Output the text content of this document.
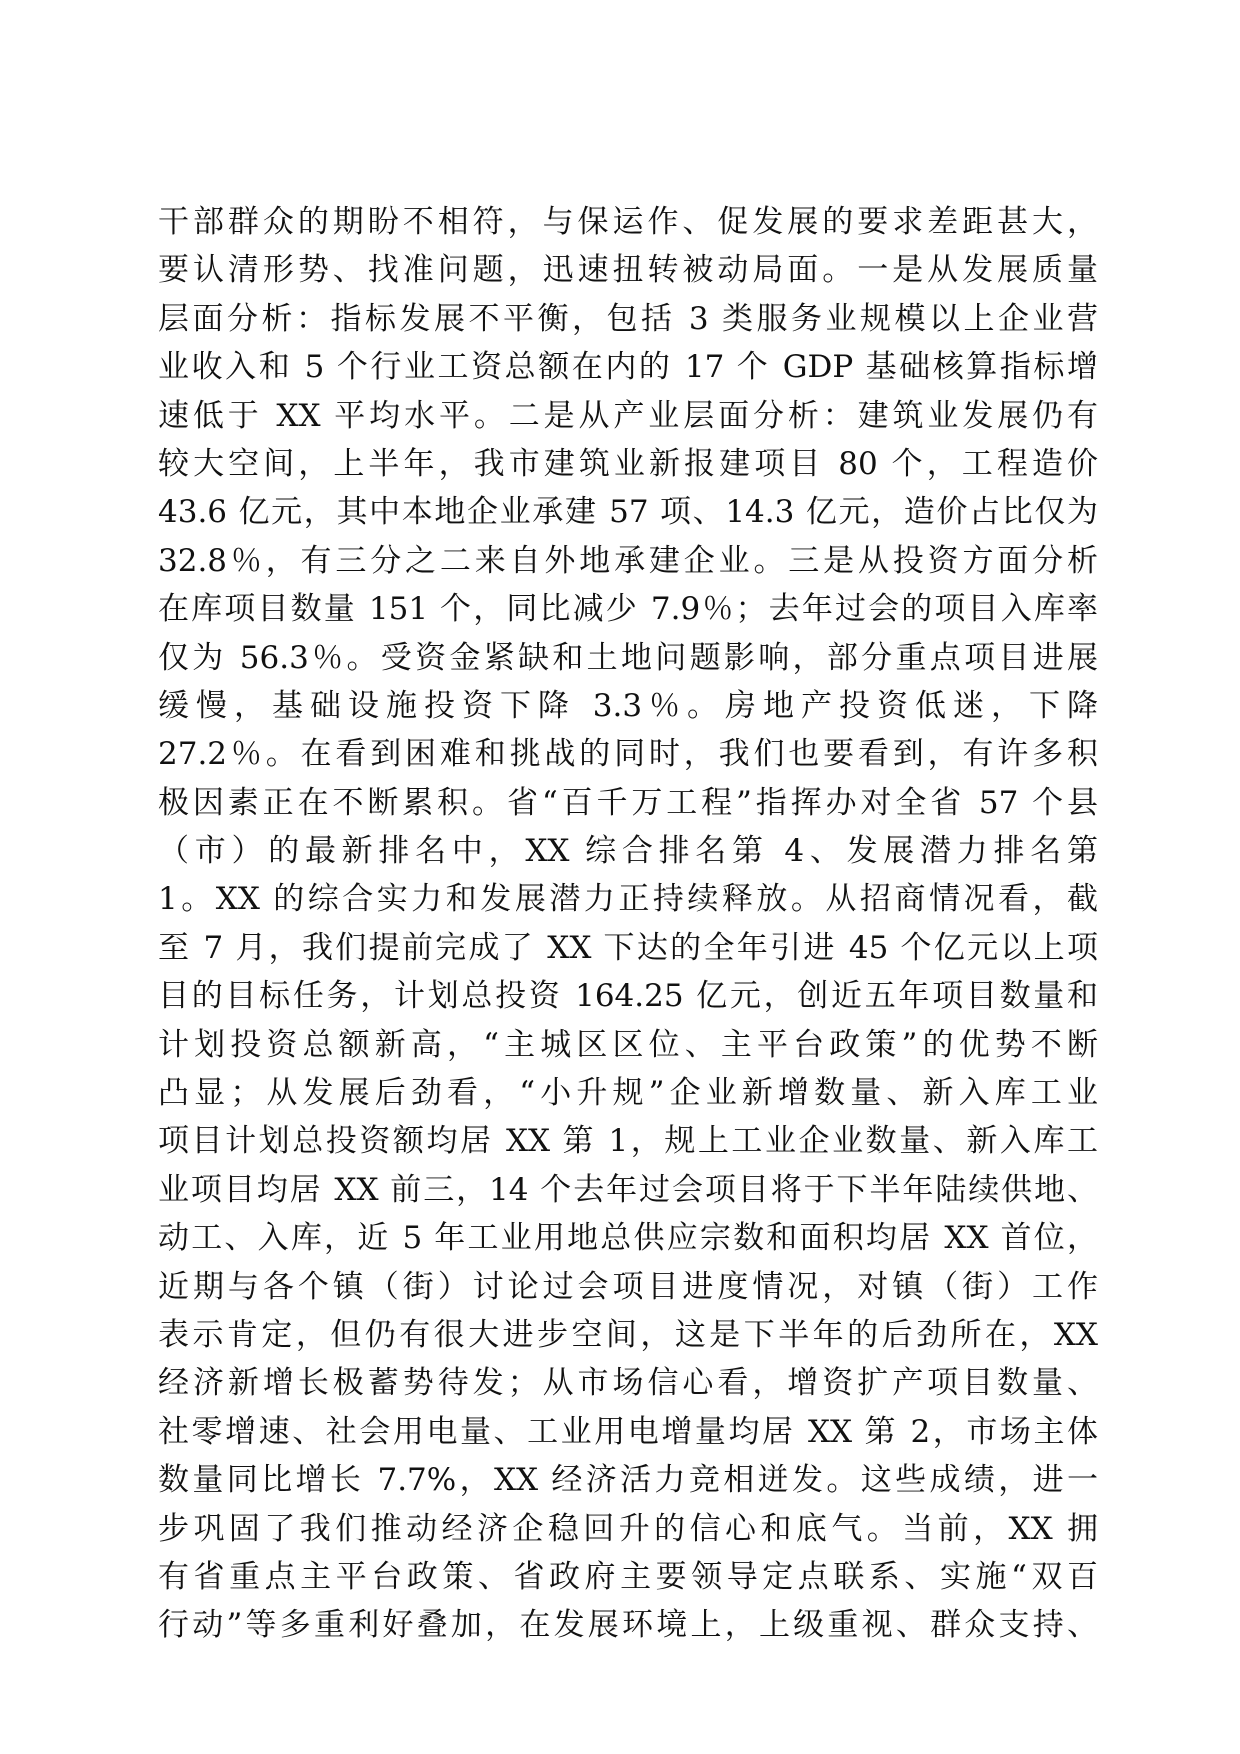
干部群众的期盼不相符，与保运作、促发展的要求差距甚大，
要认清形势、找准问题，迅速扭转被动局面。一是从发展质量
层面分析：指标发展不平衡，包括 3 类服务业规模以上企业营
业收入和 5 个行业工资总额在内的 17 个 GDP 基础核算指标增
速低于 XX 平均水平。二是从产业层面分析：建筑业发展仍有
较大空间，上半年，我市建筑业新报建项目 80 个，工程造价
43.6 亿元，其中本地企业承建 57 项、14.3 亿元，造价占比仅为
32.8％，有三分之二来自外地承建企业。三是从投资方面分析
在库项目数量 151 个，同比减少 7.9％；去年过会的项目入库率
仅为 56.3％。受资金紧缺和土地问题影响，部分重点项目进展
缓慢，基础设施投资下降 3.3％。房地产投资低迷，下降
27.2％。在看到困难和挑战的同时，我们也要看到，有许多积
极因素正在不断累积。省“百千万工程”指挥办对全省 57 个县
（市）的最新排名中，XX 综合排名第 4、发展潜力排名第
1。XX 的综合实力和发展潜力正持续释放。从招商情况看，截
至 7 月，我们提前完成了 XX 下达的全年引进 45 个亿元以上项
目的目标任务，计划总投资 164.25 亿元，创近五年项目数量和
计划投资总额新高，“主城区区位、主平台政策”的优势不断
凸显；从发展后劲看，“小升规”企业新增数量、新入库工业
项目计划总投资额均居 XX 第 1，规上工业企业数量、新入库工
业项目均居 XX 前三，14 个去年过会项目将于下半年陆续供地、
动工、入库，近 5 年工业用地总供应宗数和面积均居 XX 首位，
近期与各个镇（街）讨论过会项目进度情况，对镇（街）工作
表示肯定，但仍有很大进步空间，这是下半年的后劲所在，XX
经济新增长极蓄势待发；从市场信心看，增资扩产项目数量、
社零增速、社会用电量、工业用电增量均居 XX 第 2，市场主体
数量同比增长 7.7%，XX 经济活力竞相迸发。这些成绩，进一
步巩固了我们推动经济企稳回升的信心和底气。当前，XX 拥
有省重点主平台政策、省政府主要领导定点联系、实施“双百
行动”等多重利好叠加，在发展环境上，上级重视、群众支持、
